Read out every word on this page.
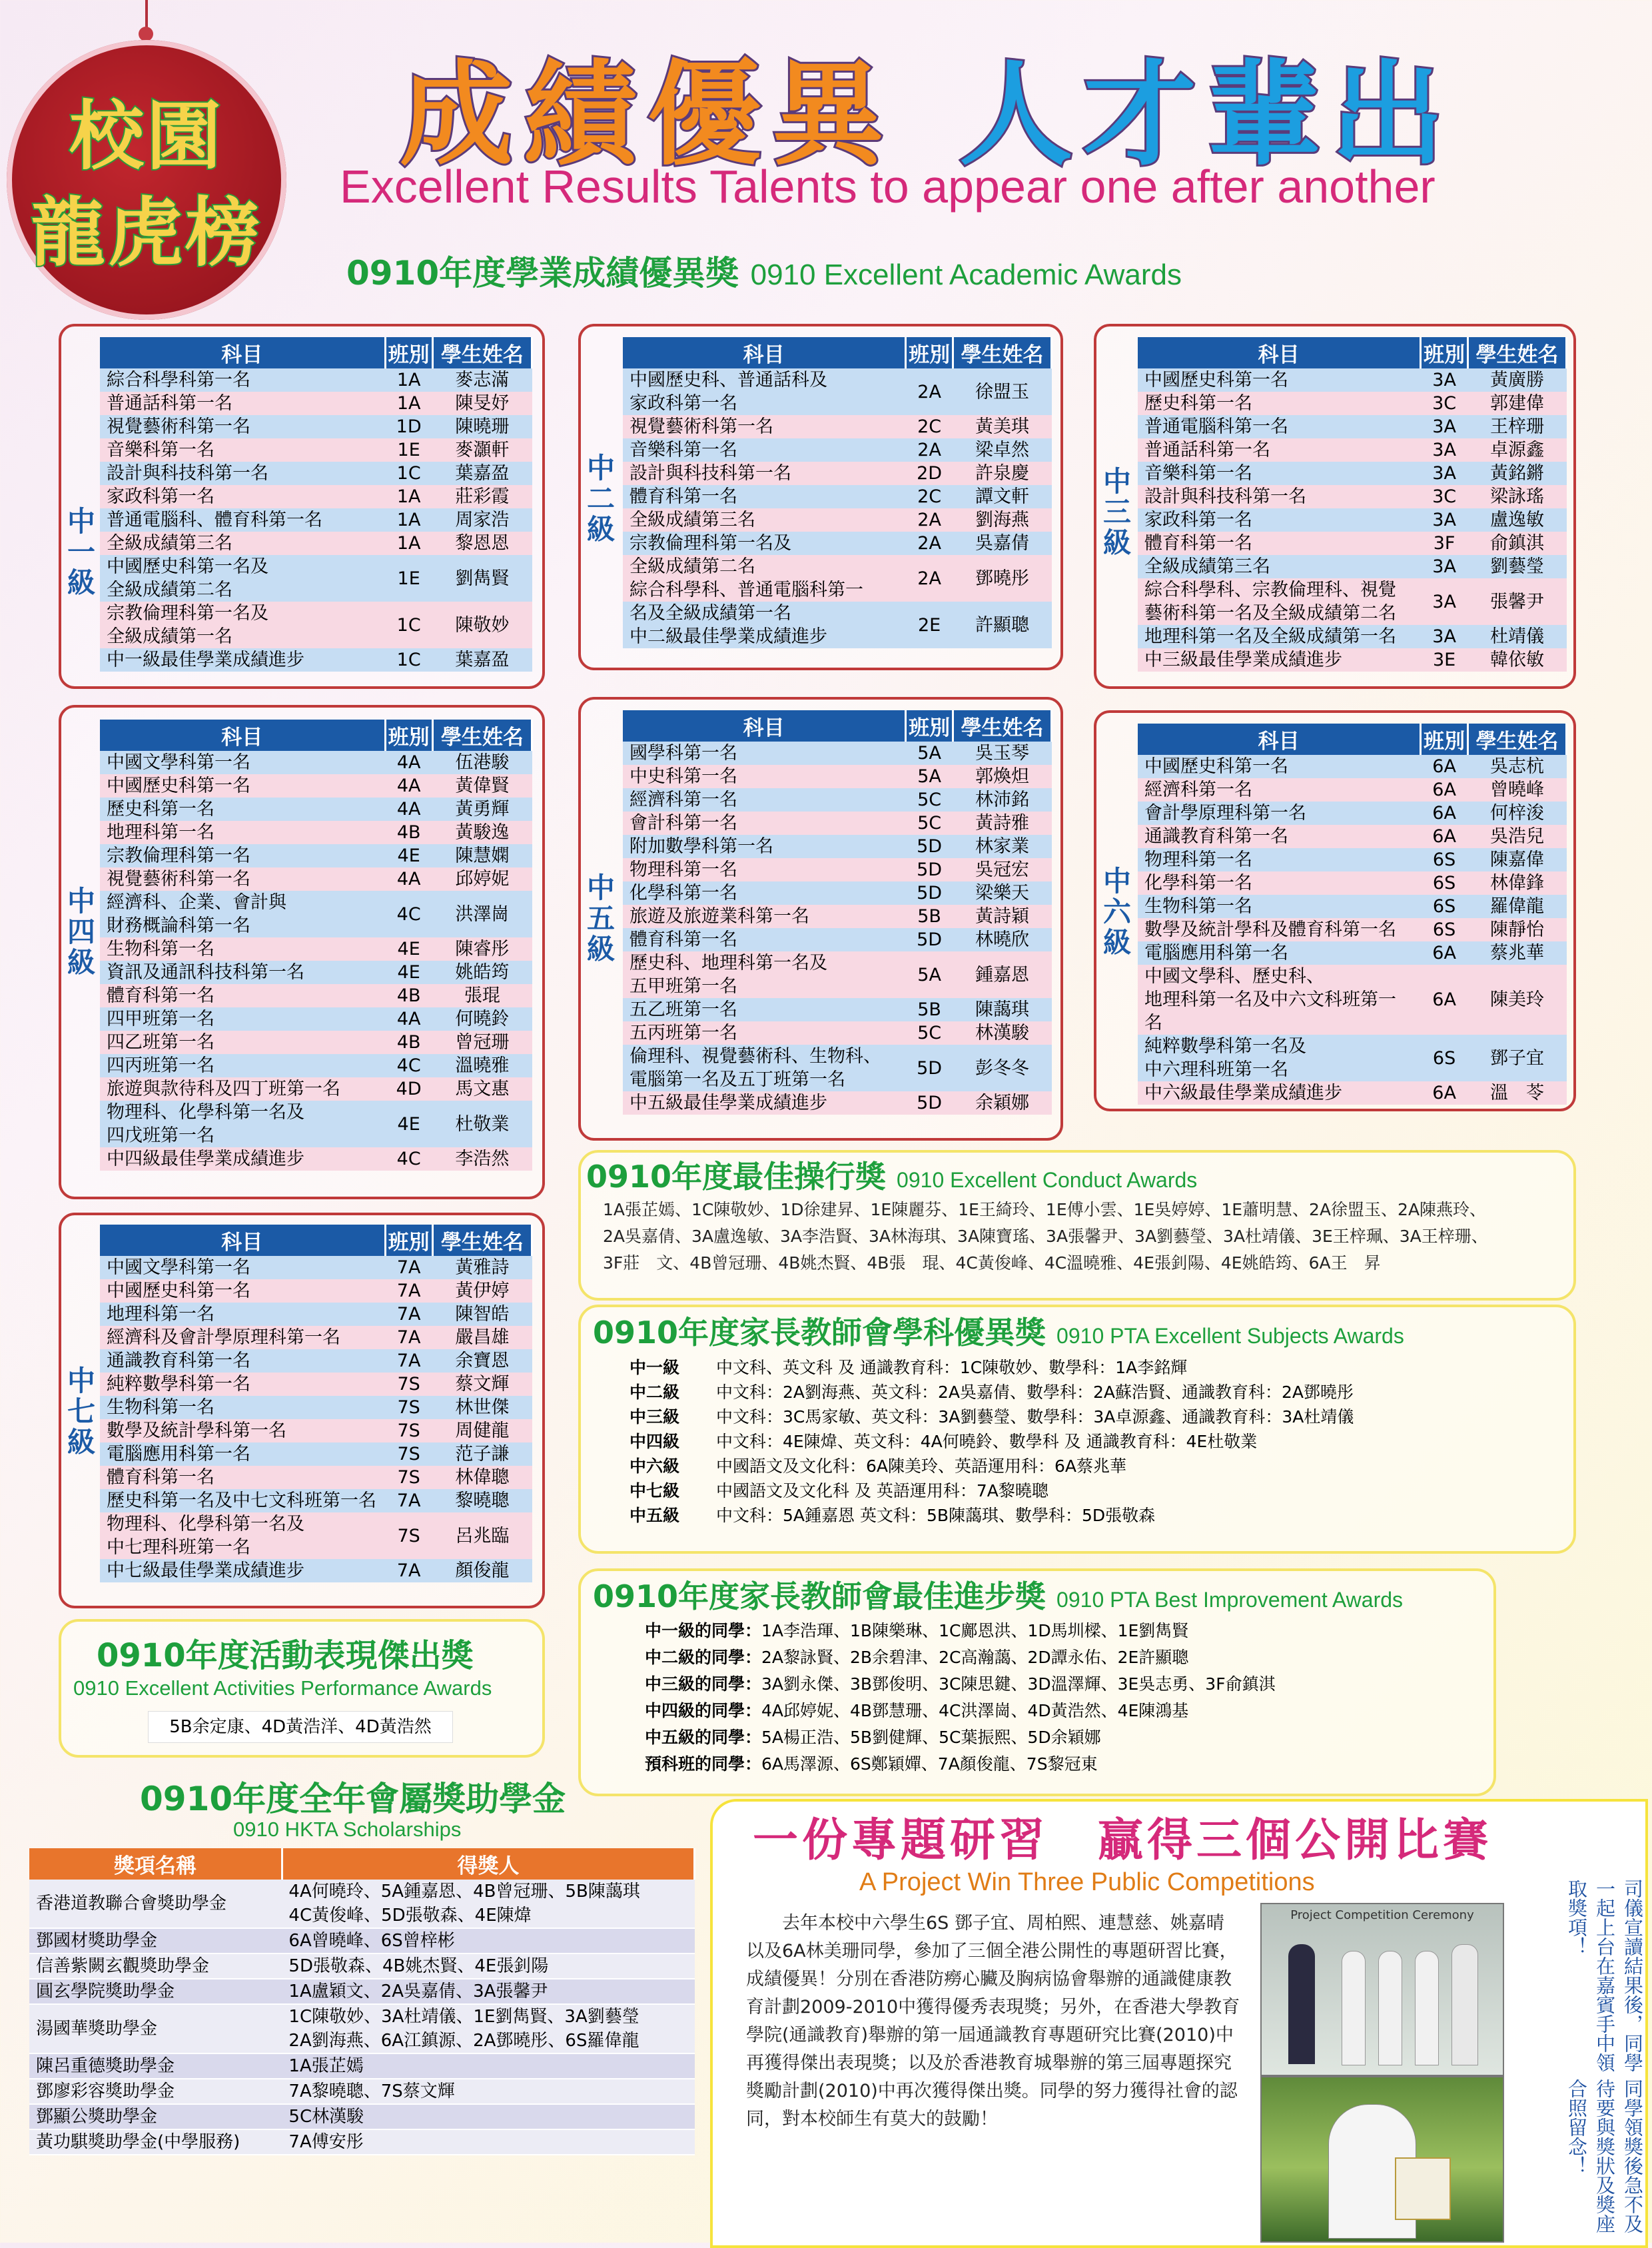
校園
龍虎榜
成績優異 人才輩出
Excellent Results Talents to appear one after another
0910年度學業成績優異獎 0910 Excellent Academic Awards
中一級
科目	班別	學生姓名
綜合科學科第一名	1A	麥志滿
普通話科第一名	1A	陳旻妤
視覺藝術科第一名	1D	陳曉珊
音樂科第一名	1E	麥灝軒
設計與科技科第一名	1C	葉嘉盈
家政科第一名	1A	莊彩霞
普通電腦科、體育科第一名	1A	周家浩
全級成績第三名	1A	黎恩恩
中國歷史科第一名及
全級成績第二名	1E	劉雋賢
宗教倫理科第一名及
全級成績第一名	1C	陳敬妙
中一級最佳學業成績進步	1C	葉嘉盈
中二級
科目	班別	學生姓名
中國歷史科、普通話科及
家政科第一名	2A	徐盟玉
視覺藝術科第一名	2C	黃美琪
音樂科第一名	2A	梁卓然
設計與科技科第一名	2D	許泉慶
體育科第一名	2C	譚文軒
全級成績第三名	2A	劉海燕
宗教倫理科第一名及	2A	吳嘉倩
全級成績第二名
綜合科學科、普通電腦科第一	2A	鄧曉彤
名及全級成績第一名
中二級最佳學業成績進步	2E	許顯聰
中三級
科目	班別	學生姓名
中國歷史科第一名	3A	黃廣勝
歷史科第一名	3C	郭建偉
普通電腦科第一名	3A	王梓珊
普通話科第一名	3A	卓源鑫
音樂科第一名	3A	黃銘鏘
設計與科技科第一名	3C	梁詠瑤
家政科第一名	3A	盧逸敏
體育科第一名	3F	俞鎮淇
全級成績第三名	3A	劉藝瑩
綜合科學科、宗教倫理科、視覺
藝術科第一名及全級成績第二名	3A	張馨尹
地理科第一名及全級成績第一名	3A	杜靖儀
中三級最佳學業成績進步	3E	韓依敏
中四級
科目	班別	學生姓名
中國文學科第一名	4A	伍港駿
中國歷史科第一名	4A	黃偉賢
歷史科第一名	4A	黃勇輝
地理科第一名	4B	黃駿逸
宗教倫理科第一名	4E	陳慧嫻
視覺藝術科第一名	4A	邱婷妮
經濟科、企業、會計與
財務概論科第一名	4C	洪澤崗
生物科第一名	4E	陳睿彤
資訊及通訊科技科第一名	4E	姚皓筠
體育科第一名	4B	張琨
四甲班第一名	4A	何曉鈴
四乙班第一名	4B	曾冠珊
四丙班第一名	4C	溫曉雅
旅遊與款待科及四丁班第一名	4D	馬文惠
物理科、化學科第一名及
四戊班第一名	4E	杜敬業
中四級最佳學業成績進步	4C	李浩然
中五級
科目	班別	學生姓名
國學科第一名	5A	吳玉琴
中史科第一名	5A	郭煥炟
經濟科第一名	5C	林沛銘
會計科第一名	5C	黃詩雅
附加數學科第一名	5D	林家業
物理科第一名	5D	吳冠宏
化學科第一名	5D	梁樂天
旅遊及旅遊業科第一名	5B	黃詩穎
體育科第一名	5D	林曉欣
歷史科、地理科第一名及
五甲班第一名	5A	鍾嘉恩
五乙班第一名	5B	陳藹琪
五丙班第一名	5C	林漢駿
倫理科、視覺藝術科、生物科、
電腦第一名及五丁班第一名	5D	彭冬冬
中五級最佳學業成績進步	5D	余穎娜
中六級
科目	班別	學生姓名
中國歷史科第一名	6A	吳志杭
經濟科第一名	6A	曾曉峰
會計學原理科第一名	6A	何梓浚
通識教育科第一名	6A	吳浩兒
物理科第一名	6S	陳嘉偉
化學科第一名	6S	林偉鋒
生物科第一名	6S	羅偉龍
數學及統計學科及體育科第一名	6S	陳靜怡
電腦應用科第一名	6A	蔡兆華
中國文學科、歷史科、
地理科第一名及中六文科班第一名	6A	陳美玲
純粹數學科第一名及
中六理科班第一名	6S	鄧子宜
中六級最佳學業成績進步	6A	溫　苓
中七級
科目	班別	學生姓名
中國文學科第一名	7A	黃雅詩
中國歷史科第一名	7A	黃伊婷
地理科第一名	7A	陳智皓
經濟科及會計學原理科第一名	7A	嚴昌雄
通識教育科第一名	7A	余寶恩
純粹數學科第一名	7S	蔡文輝
生物科第一名	7S	林世傑
數學及統計學科第一名	7S	周健龍
電腦應用科第一名	7S	范子謙
體育科第一名	7S	林偉聰
歷史科第一名及中七文科班第一名	7A	黎曉聰
物理科、化學科第一名及
中七理科班第一名	7S	呂兆臨
中七級最佳學業成績進步	7A	顏俊龍
0910年度最佳操行獎 0910 Excellent Conduct Awards
1A張芷嫣、1C陳敬妙、1D徐建昇、1E陳麗芬、1E王綺玲、1E傅小雲、1E吳婷婷、1E蕭明慧、2A徐盟玉、2A陳燕玲、
2A吳嘉倩、3A盧逸敏、3A李浩賢、3A林海琪、3A陳寶瑤、3A張馨尹、3A劉藝瑩、3A杜靖儀、3E王梓珮、3A王梓珊、
3F莊　文、4B曾冠珊、4B姚杰賢、4B張　琨、4C黃俊峰、4C溫曉雅、4E張釗陽、4E姚皓筠、6A王　昇
0910年度家長教師會學科優異獎 0910 PTA Excellent Subjects Awards
中一級 中文科、英文科 及 通識教育科：1C陳敬妙、數學科：1A李銘輝
中二級 中文科：2A劉海燕、英文科：2A吳嘉倩、數學科：2A蘇浩賢、通識教育科：2A鄧曉彤
中三級 中文科：3C馬家敏、英文科：3A劉藝瑩、數學科：3A卓源鑫、通識教育科：3A杜靖儀
中四級 中文科：4E陳煒、英文科：4A何曉鈴、數學科 及 通識教育科：4E杜敬業
中六級 中國語文及文化科：6A陳美玲、英語運用科：6A蔡兆華
中七級 中國語文及文化科 及 英語運用科：7A黎曉聰
中五級 中文科：5A鍾嘉恩 英文科：5B陳藹琪、數學科：5D張敬森
0910年度家長教師會最佳進步獎 0910 PTA Best Improvement Awards
中一級的同學：1A李浩琿、1B陳樂琳、1C鄺恩洪、1D馬圳樑、1E劉雋賢
中二級的同學：2A黎詠賢、2B余碧津、2C高瀚藹、2D譚永佑、2E許顯聰
中三級的同學：3A劉永傑、3B鄧俊明、3C陳思鍵、3D溫澤輝、3E吳志勇、3F俞鎮淇
中四級的同學：4A邱婷妮、4B鄧慧珊、4C洪澤崗、4D黃浩然、4E陳鴻基
中五級的同學：5A楊正浩、5B劉健輝、5C葉振熙、5D余穎娜
預科班的同學：6A馬澤源、6S鄭穎嬋、7A顏俊龍、7S黎冠東
0910年度活動表現傑出獎
0910 Excellent Activities Performance Awards
5B余定康、4D黃浩洋、4D黃浩然
0910年度全年會屬獎助學金
0910 HKTA Scholarships
獎項名稱	得獎人
香港道教聯合會獎助學金	4A何曉玲、5A鍾嘉恩、4B曾冠珊、5B陳藹琪
4C黃俊峰、5D張敬森、4E陳煒
鄧國材獎助學金	6A曾曉峰、6S曾梓彬
信善紫闕玄觀獎助學金	5D張敬森、4B姚杰賢、4E張釗陽
圓玄學院獎助學金	1A盧穎文、2A吳嘉倩、3A張馨尹
湯國華獎助學金	1C陳敬妙、3A杜靖儀、1E劉雋賢、3A劉藝瑩
2A劉海燕、6A江鎮源、2A鄧曉彤、6S羅偉龍
陳呂重德獎助學金	1A張芷嫣
鄧廖彩容獎助學金	7A黎曉聰、7S蔡文輝
鄧顯公獎助學金	5C林漢駿
黃功騏獎助學金(中學服務)	7A傅安彤
一份專題研習　贏得三個公開比賽
A Project Win Three Public Competitions
去年本校中六學生6S 鄧子宜、周柏熙、連慧慈、姚嘉晴以及6A林美珊同學，參加了三個全港公開性的專題研習比賽，成績優異！分別在香港防癆心臟及胸病協會舉辦的通識健康教育計劃2009-2010中獲得優秀表現獎；另外，在香港大學教育學院(通識教育)舉辦的第一屆通識教育專題研究比賽(2010)中再獲得傑出表現獎；以及於香港教育城舉辦的第三屆專題探究獎勵計劃(2010)中再次獲得傑出獎。同學的努力獲得社會的認同，對本校師生有莫大的鼓勵！
Project Competition Ceremony	司儀宣讀結果後，同學一起上台在嘉賓手中領取獎項！
同學領獎後急不及待要與獎狀及獎座合照留念！
